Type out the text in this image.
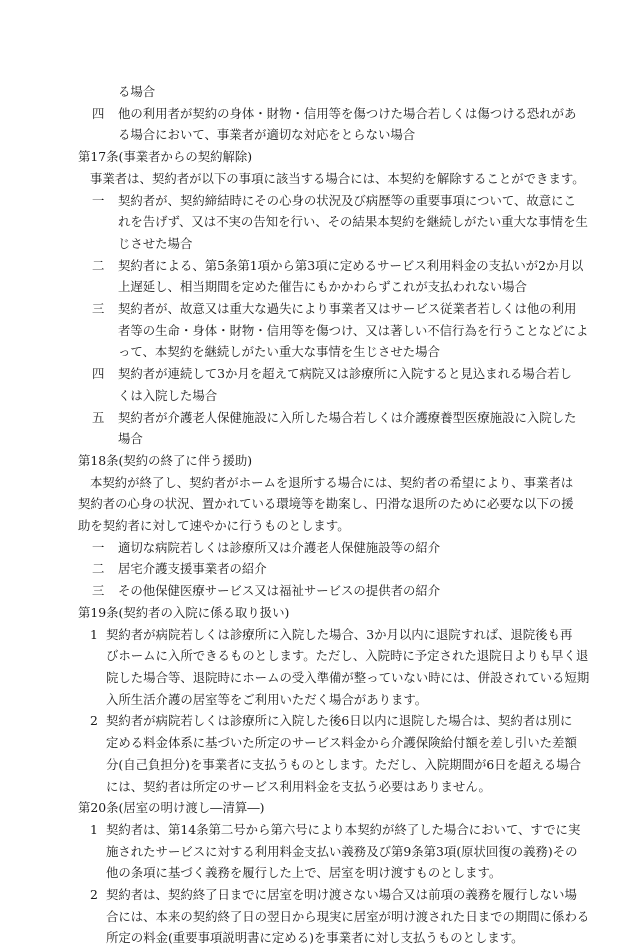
る場合
四	他の利用者が契約の身体・財物・信用等を傷つけた場合若しくは傷つける恐れがあ
る場合において、事業者が適切な対応をとらない場合
第17条(事業者からの契約解除)
事業者は、契約者が以下の事項に該当する場合には、本契約を解除することができます。
一	契約者が、契約締結時にその心身の状況及び病歴等の重要事項について、故意にこ
れを告げず、又は不実の告知を行い、その結果本契約を継続しがたい重大な事情を生
じさせた場合
二	契約者による、第5条第1項から第3項に定めるサービス利用料金の支払いが2か月以
上遅延し、相当期間を定めた催告にもかかわらずこれが支払われない場合
三	契約者が、故意又は重大な過失により事業者又はサービス従業者若しくは他の利用
者等の生命・身体・財物・信用等を傷つけ、又は著しい不信行為を行うことなどによ
って、本契約を継続しがたい重大な事情を生じさせた場合
四	契約者が連続して3か月を超えて病院又は診療所に入院すると見込まれる場合若し
くは入院した場合
五	契約者が介護老人保健施設に入所した場合若しくは介護療養型医療施設に入院した
場合
第18条(契約の終了に伴う援助)
本契約が終了し、契約者がホームを退所する場合には、契約者の希望により、事業者は
契約者の心身の状況、置かれている環境等を勘案し、円滑な退所のために必要な以下の援
助を契約者に対して速やかに行うものとします。
一	適切な病院若しくは診療所又は介護老人保健施設等の紹介
二	居宅介護支援事業者の紹介
三	その他保健医療サービス又は福祉サービスの提供者の紹介
第19条(契約者の入院に係る取り扱い)
1 契約者が病院若しくは診療所に入院した場合、3か月以内に退院すれば、退院後も再
びホームに入所できるものとします。ただし、入院時に予定された退院日よりも早く退
院した場合等、退院時にホームの受入準備が整っていない時には、併設されている短期
入所生活介護の居室等をご利用いただく場合があります。
2 契約者が病院若しくは診療所に入院した後6日以内に退院した場合は、契約者は別に
定める料金体系に基づいた所定のサービス料金から介護保険給付額を差し引いた差額
分(自己負担分)を事業者に支払うものとします。ただし、入院期間が6日を超える場合
には、契約者は所定のサービス利用料金を支払う必要はありません。
第20条(居室の明け渡し―清算―)
1 契約者は、第14条第二号から第六号により本契約が終了した場合において、すでに実
施されたサービスに対する利用料金支払い義務及び第9条第3項(原状回復の義務)その
他の条項に基づく義務を履行した上で、居室を明け渡すものとします。
2 契約者は、契約終了日までに居室を明け渡さない場合又は前項の義務を履行しない場
合には、本来の契約終了日の翌日から現実に居室が明け渡された日までの期間に係わる
所定の料金(重要事項説明書に定める)を事業者に対し支払うものとします。
